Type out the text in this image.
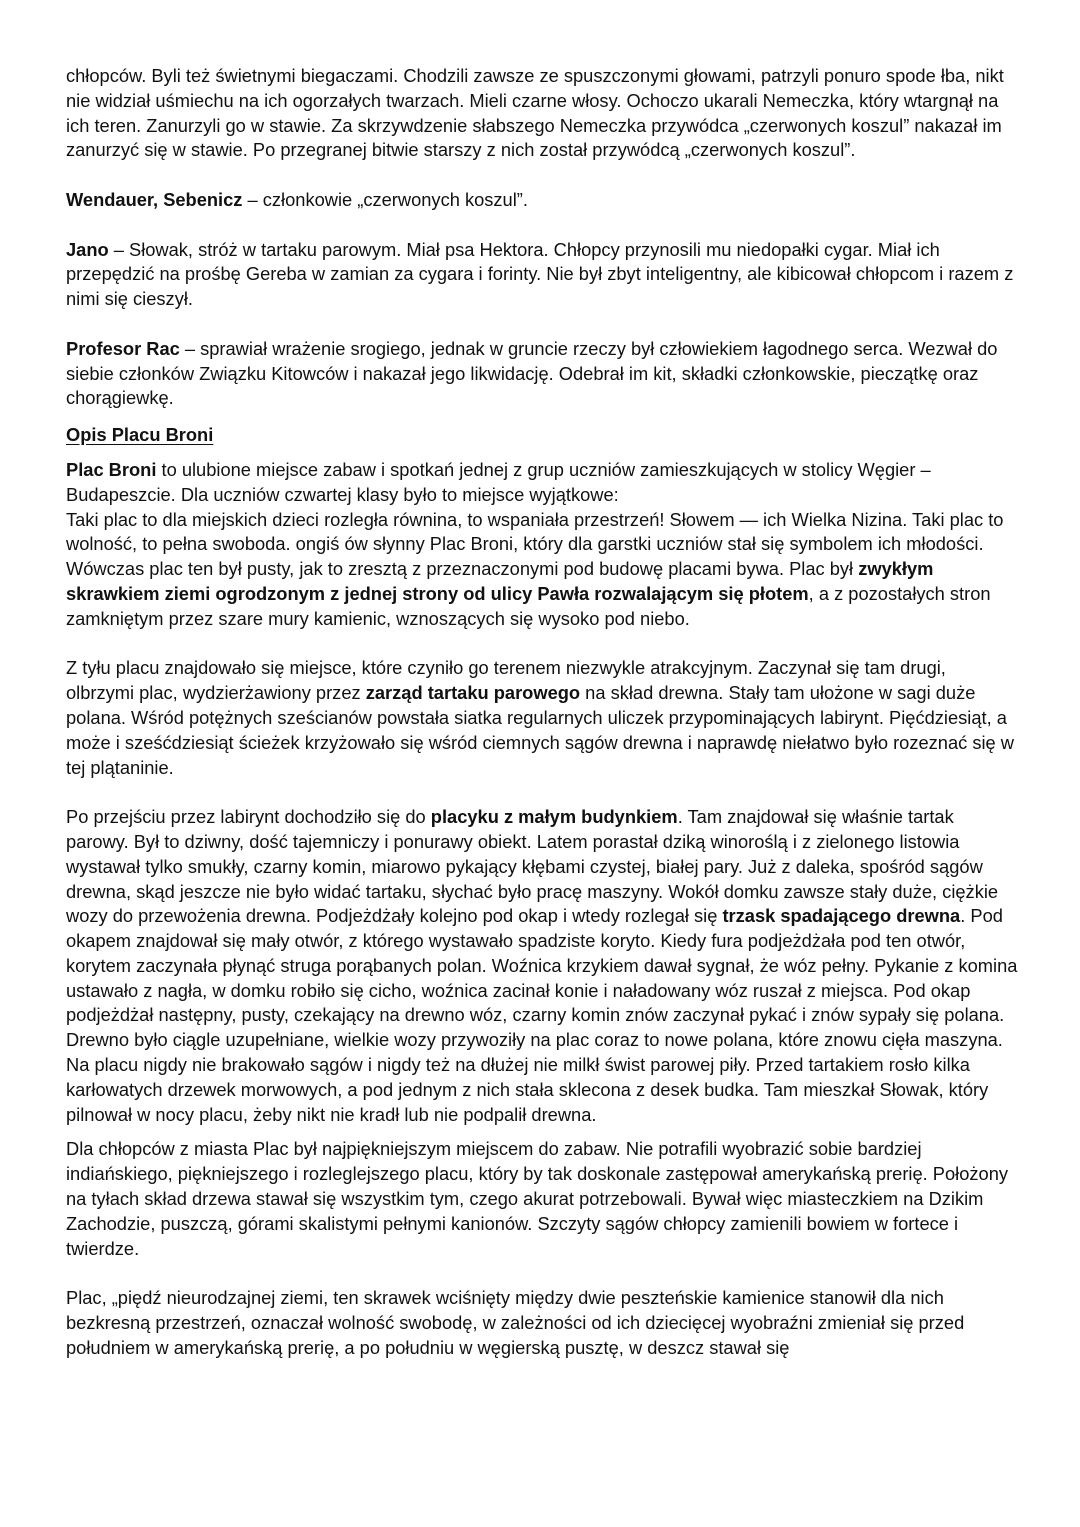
chłopców. Byli też świetnymi biegaczami. Chodzili zawsze ze spuszczonymi głowami, patrzyli ponuro spode łba, nikt nie widział uśmiechu na ich ogorzałych twarzach. Mieli czarne włosy. Ochoczo ukarali Nemeczka, który wtargnął na ich teren. Zanurzyli go w stawie. Za skrzywdzenie słabszego Nemeczka przywódca „czerwonych koszul” nakazał im zanurzyć się w stawie. Po przegranej bitwie starszy z nich został przywódcą „czerwonych koszul”.

Wendauer, Sebenicz – członkowie „czerwonych koszul”.

Jano – Słowak, stróż w tartaku parowym. Miał psa Hektora. Chłopcy przynosili mu niedopałki cygar. Miał ich przepędzić na prośbę Gereba w zamian za cygara i forinty. Nie był zbyt inteligentny, ale kibicował chłopcom i razem z nimi się cieszył.

Profesor Rac – sprawiał wrażenie srogiego, jednak w gruncie rzeczy był człowiekiem łagodnego serca. Wezwał do siebie członków Związku Kitowców i nakazał jego likwidację. Odebrał im kit, składki członkowskie, pieczątkę oraz chorągiewkę.

Opis Placu Broni

Plac Broni to ulubione miejsce zabaw i spotkań jednej z grup uczniów zamieszkujących w stolicy Węgier – Budapeszcie. Dla uczniów czwartej klasy było to miejsce wyjątkowe:
Taki plac to dla miejskich dzieci rozległa równina, to wspaniała przestrzeń! Słowem — ich Wielka Nizina. Taki plac to wolność, to pełna swoboda. ongiś ów słynny Plac Broni, który dla garstki uczniów stał się symbolem ich młodości. Wówczas plac ten był pusty, jak to zresztą z przeznaczonymi pod budowę placami bywa. Plac był zwykłym skrawkiem ziemi ogrodzonym z jednej strony od ulicy Pawła rozwalającym się płotem, a z pozostałych stron zamkniętym przez szare mury kamienic, wznoszących się wysoko pod niebo.

Z tyłu placu znajdowało się miejsce, które czyniło go terenem niezwykle atrakcyjnym. Zaczynał się tam drugi, olbrzymi plac, wydzierżawiony przez zarząd tartaku parowego na skład drewna. Stały tam ułożone w sagi duże polana. Wśród potężnych sześcianów powstała siatka regularnych uliczek przypominających labirynt. Pięćdziesiąt, a może i sześćdziesiąt ścieżek krzyżowało się wśród ciemnych sągów drewna i naprawdę niełatwo było rozeznać się w tej plątaninie.

Po przejściu przez labirynt dochodziło się do placyku z małym budynkiem. Tam znajdował się właśnie tartak parowy. Był to dziwny, dość tajemniczy i ponurawy obiekt. Latem porastał dziką winoroślą i z zielonego listowia wystawał tylko smukły, czarny komin, miarowo pykający kłębami czystej, białej pary. Już z daleka, spośród sągów drewna, skąd jeszcze nie było widać tartaku, słychać było pracę maszyny. Wokół domku zawsze stały duże, ciężkie wozy do przewożenia drewna. Podjeżdżały kolejno pod okap i wtedy rozlegał się trzask spadającego drewna. Pod okapem znajdował się mały otwór, z którego wystawało spadziste koryto. Kiedy fura podjeżdżała pod ten otwór, korytem zaczynała płynąć struga porąbanych polan. Woźnica krzykiem dawał sygnał, że wóz pełny. Pykanie z komina ustawało z nagła, w domku robiło się cicho, woźnica zacinał konie i naładowany wóz ruszał z miejsca. Pod okap podjeżdżał następny, pusty, czekający na drewno wóz, czarny komin znów zaczynał pykać i znów sypały się polana. Drewno było ciągle uzupełniane, wielkie wozy przywoziły na plac coraz to nowe polana, które znowu cięła maszyna. Na placu nigdy nie brakowało sągów i nigdy też na dłużej nie milkł świst parowej piły. Przed tartakiem rosło kilka karłowatych drzewek morwowych, a pod jednym z nich stała sklecona z desek budka. Tam mieszkał Słowak, który pilnował w nocy placu, żeby nikt nie kradł lub nie podpalił drewna.

Dla chłopców z miasta Plac był najpiękniejszym miejscem do zabaw. Nie potrafili wyobrazić sobie bardziej indiańskiego, piękniejszego i rozleglejszego placu, który by tak doskonale zastępował amerykańską prerię. Położony na tyłach skład drzewa stawał się wszystkim tym, czego akurat potrzebowali. Bywał więc miasteczkiem na Dzikim Zachodzie, puszczą, górami skalistymi pełnymi kanionów. Szczyty sągów chłopcy zamienili bowiem w fortece i twierdze.

Plac, „piędź nieurodzajnej ziemi, ten skrawek wciśnięty między dwie peszteńskie kamienice stanowił dla nich bezkresną przestrzeń, oznaczał wolność swobodę, w zależności od ich dziecięcej wyobraźni zmieniał się przed południem w amerykańską prerię, a po południu w węgierską pusztę, w deszcz stawał się
